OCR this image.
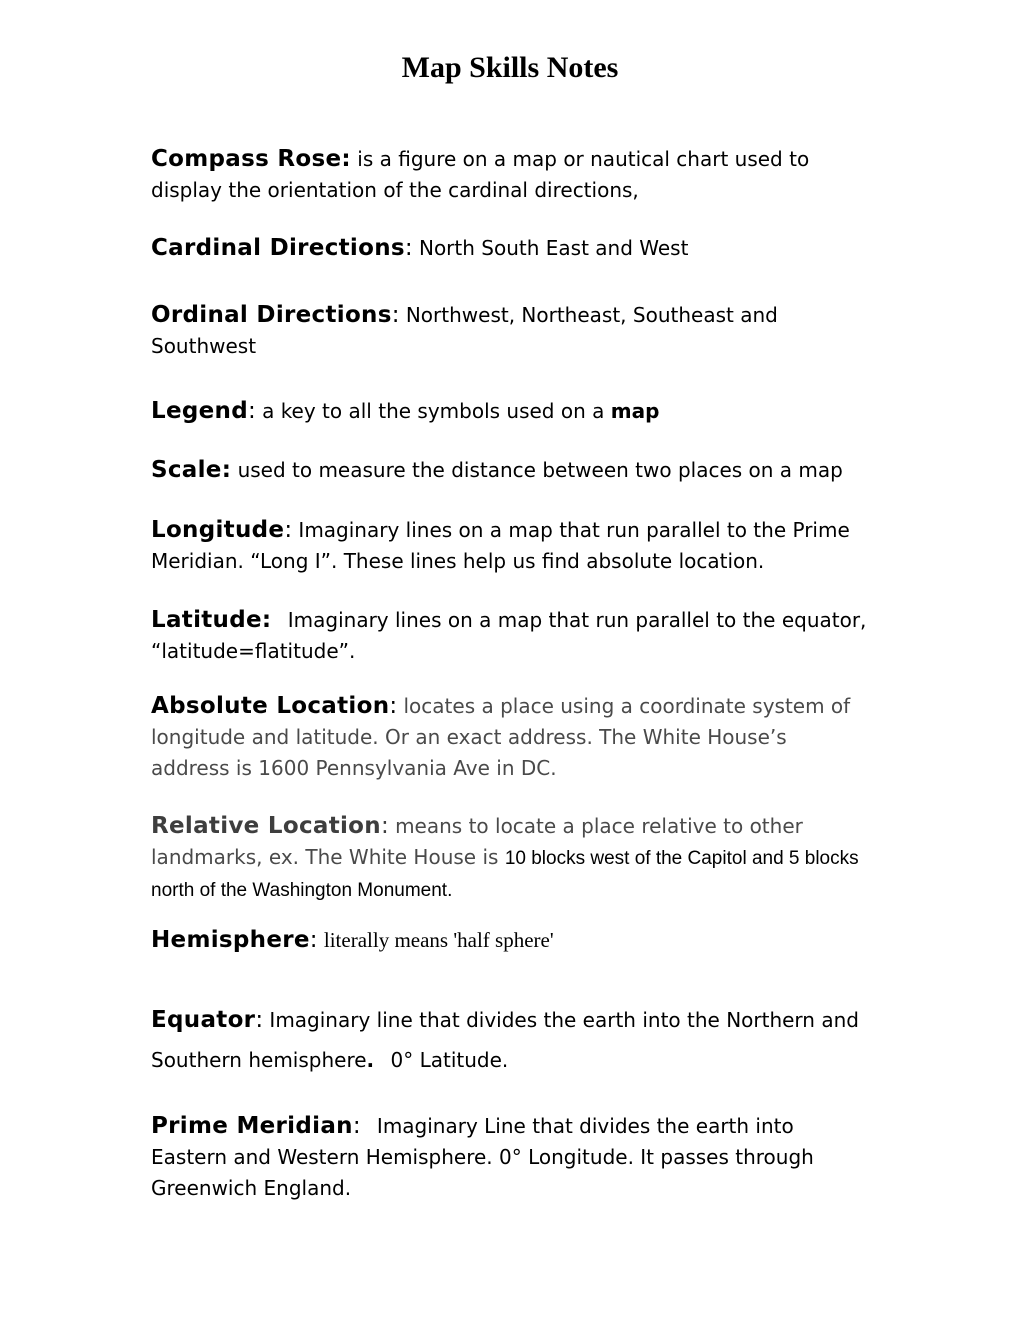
Map Skills Notes

Compass Rose: is a figure on a map or nautical chart used to display the orientation of the cardinal directions,

Cardinal Directions: North South East and West

Ordinal Directions: Northwest, Northeast, Southeast and Southwest

Legend: a key to all the symbols used on a map

Scale: used to measure the distance between two places on a map

Longitude: Imaginary lines on a map that run parallel to the Prime Meridian. “Long I”. These lines help us find absolute location.

Latitude: Imaginary lines on a map that run parallel to the equator, “latitude=flatitude”.

Absolute Location: locates a place using a coordinate system of longitude and latitude. Or an exact address. The White House’s address is 1600 Pennsylvania Ave in DC.

Relative Location: means to locate a place relative to other landmarks, ex. The White House is 10 blocks west of the Capitol and 5 blocks north of the Washington Monument.

Hemisphere: literally means 'half sphere'

Equator: Imaginary line that divides the earth into the Northern and Southern hemisphere. 0° Latitude.

Prime Meridian: Imaginary Line that divides the earth into Eastern and Western Hemisphere. 0° Longitude. It passes through Greenwich England.
